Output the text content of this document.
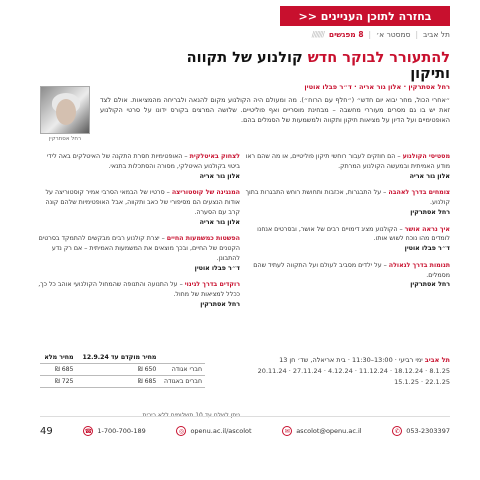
בחזרה לתוכן העניינים <<
תל אביב
|
סמסטר א׳
|
8 מפגשים
////////
להתעורר לבוקר חדש קולנוע של תקווה ותיקון
רחל אסתרקין · אלון גור אריה · ד״ר פבלו אוטין
״אחרי הכול, מחר יבוא יום חדש״ (״חלף עם הרוח״). מה ומעולם היה הקולנוע מקום להנאה ולבריחה מהמציאות. אולם לצד זאת יש בו גם מסרים מעוררי מחשבה – מבחינת מוסריים ואף פוליטיים. שלושה המרצים בקורס ידונו על סרטי הקולנוע האופטימיים ועל הדיון על מציאות תיקון ותקווה ולמשמעות של הסמלים בהם.
רחל אסתרקין
מסטיסי הקולנוע – הם חוזקים לעבור רוחשי תיקון פוליטיים, או מה שהם ראו מודע האמיתית ובמעשה הקולנוע המרתק.
אלון גור אריה
צומחים בדרך לאהבה – על התבגרות, אכזבות ותחושת רוחש התבגרות בתוך קולנוע.
רחל אסתרקין
איך נראה אושר – הקולנוע מציג דימויים רבים של אושר, ובסרטים אנחנו לומדים מהו נוכח לשוש אותו.
ד״ר פבלו אוטין
תנומות בדרך לגאולה – על ילדים מסביב לעולם ועל התקווה לעתיד שהם מסמלים.
רחל אסתרקין
לצחוק באיטלקית – האופטימיות חסרת התקנה של האיטלקים באה לידי ביטוי בקולנוע האיטלקי, מסורה והסתכלות בתנאי.
אלון גור אריה
המנגינה של קוסטוריצה – סרטיו של הבמאי הסרבי אמיר קוסטוריצה על אודות הנצעים הם מסיפורי של כאב ותקווה, אבל האופטימיות שלהם קונה קרב עם הסערה.
אלון גור אריה
הפשטות כמשמעות החיים – יצרת קולנוע רבים מבקשים להתמקד בסרטים הקטנים של החיים, ובכך מוצאים את המשמעות האמיתית – אם רק נדע להתבונן.
ד״ר פבלו אוטין
רוקדים בדרך לגינוי – על התנועה והתנופה שהמחול הקולנועי אוהב כל כך, ככלל למציאות של מחול.
רחל אסתרקין
תל אביב ימי רביעי · 13:00–11:30 · בית אריאלה, שד׳ חן 13
8.1.25 · 18.12.24 · 11.12.24 · 4.12.24 · 27.11.24 · 20.11.24
22.1.25 · 15.1.25
	מחיר מוקדם עד 12.9.24	מחיר מלא
חברי אגודה	650 ₪	685 ₪
חברים באגודה	685 ₪	725 ₪
ניתן לשלם עד 10 תשלומים ללא ריבית.
49	☎ 1-700-700-189	◎ openu.ac.il/ascolot	✉ ascolot@openu.ac.il	✆ 053-2303397
